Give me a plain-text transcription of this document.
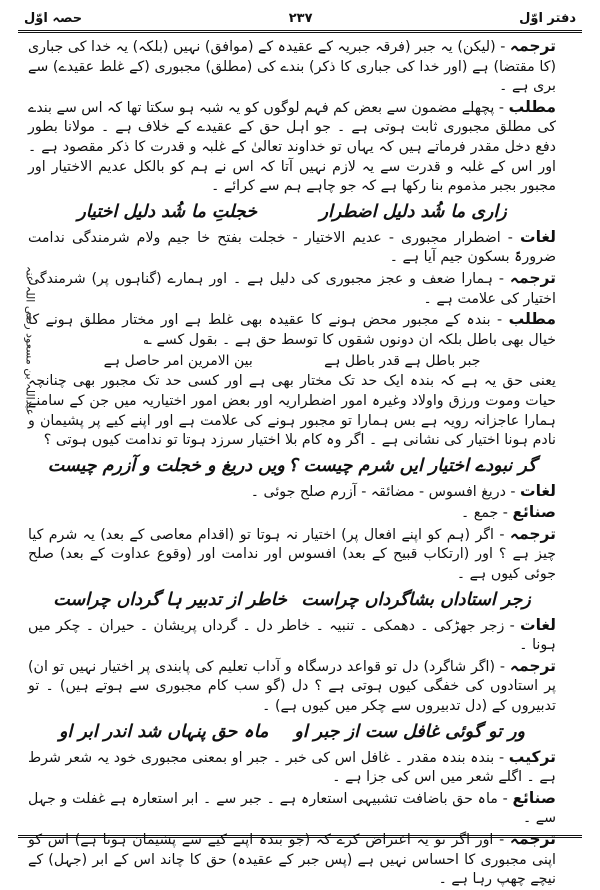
دفتر اوّل
۲۳۷
حصہ اوّل
عبداللہ بن مسعود رضی اللہ عنہ

ترجمہ - (لیکن) یہ جبر (فرقہ جبریہ کے عقیدہ کے (موافق) نہیں (بلکہ) یہ خدا کی جباری (کا مقتضا) ہے (اور خدا کی جباری کا ذکر) بندے کی (مطلق) مجبوری (کے غلط عقیدے) سے بری ہے ۔

مطلب - پچھلے مضمون سے بعض کم فہم لوگوں کو یہ شبہ ہو سکتا تھا کہ اس سے بندے کی مطلق مجبوری ثابت ہوتی ہے ۔ جو اہل حق کے عقیدے کے خلاف ہے ۔ مولانا بطور دفع دخل مقدر فرماتے ہیں کہ یہاں تو خداوند تعالیٰ کے غلبہ و قدرت کا ذکر مقصود ہے ۔ اور اس کے غلبہ و قدرت سے یہ لازم نہیں آتا کہ اس نے ہم کو بالکل عدیم الاختیار اور مجبور بجبر مذموم بنا رکھا ہے کہ جو چاہے ہم سے کرائے ۔

زاری ما شُد دلیل اضطرار
خجلتِ ما شُد دلیل اختیار

لغات - اضطرار مجبوری - عدیم الاختیار - خجلت بفتح خا جیم ولام شرمندگی ندامت ضرورۃً بسکون جیم آیا ہے ۔

ترجمہ - ہمارا ضعف و عجز مجبوری کی دلیل ہے ۔ اور ہمارے (گناہوں پر) شرمندگی اختیار کی علامت ہے ۔

مطلب - بندہ کے مجبور محض ہونے کا عقیدہ بھی غلط ہے اور مختار مطلق ہونے کا خیال بھی باطل بلکہ ان دونوں شقوں کا توسط حق ہے ۔ بقول کسے ؎

جبر باطل ہے قدر باطل ہے
بین الامرین امر حاصل ہے

یعنی حق یہ ہے کہ بندہ ایک حد تک مختار بھی ہے اور کسی حد تک مجبور بھی چنانچہ حیات وموت ورزق واولاد وغیرہ امور اضطراریہ اور بعض امور اختیاریہ میں جن کے سامنے ہمارا عاجزانہ رویہ ہے بس ہمارا تو مجبور ہونے کی علامت ہے اور اپنے کیے پر پشیمان و نادم ہونا اختیار کی نشانی ہے ۔ اگر وہ کام بلا اختیار سرزد ہوتا تو ندامت کیوں ہوتی ؟

گر نبودے اختیار ایں شرم چیست ؟
ویں دریغ و خجلت و آزرم چیست

لغات - دریغ افسوس - مضائقہ - آزرم صلح جوئی ۔

صنائع - جمع ۔

ترجمہ - اگر (ہم کو اپنے افعال پر) اختیار نہ ہوتا تو (اقدام معاصی کے بعد) یہ شرم کیا چیز ہے ؟ اور (ارتکاب قبیح کے بعد) افسوس اور ندامت اور (وقوع عداوت کے بعد) صلح جوئی کیوں ہے ۔

زجر استاداں بشاگرداں چراست
خاطر از تدبیر ہا گرداں چراست

لغات - زجر جھڑکی ۔ دھمکی ۔ تنبیہ ۔ خاطر دل ۔ گرداں پریشان ۔ حیران ۔ چکر میں ہونا ۔

ترجمہ - (اگر شاگرد) دل تو قواعد درسگاہ و آداب تعلیم کی پابندی پر اختیار نہیں تو ان) پر استادوں کی خفگی کیوں ہوتی ہے ؟ دل (گو سب کام مجبوری سے ہوتے ہیں) ۔ تو تدبیروں کے (دل تدبیروں سے چکر میں کیوں ہے) ۔

ور تو گوئی غافل ست از جبر او
ماہ حق پنہاں شد اندر ابر او

ترکیب - بندہ بندہ مقدر ۔ غافل اس کی خبر ۔ جبر او بمعنی مجبوری خود یہ شعر شرط ہے ۔ اگلے شعر میں اس کی جزا ہے ۔

صنائع - ماہ حق باضافت تشبیہی استعارہ ہے ۔ جبر سے ۔ ابر استعارہ ہے غفلت و جہل سے ۔

ترجمہ - اور اگر تو یہ اعتراض کرے کہ (جو بندہ اپنے کیے سے پشیمان ہوتا ہے) اس کو اپنی مجبوری کا احساس نہیں ہے (پس جبر کے عقیدہ) حق کا چاند اس کے ابر (جہل) کے نیچے چھپ رہا ہے ۔
